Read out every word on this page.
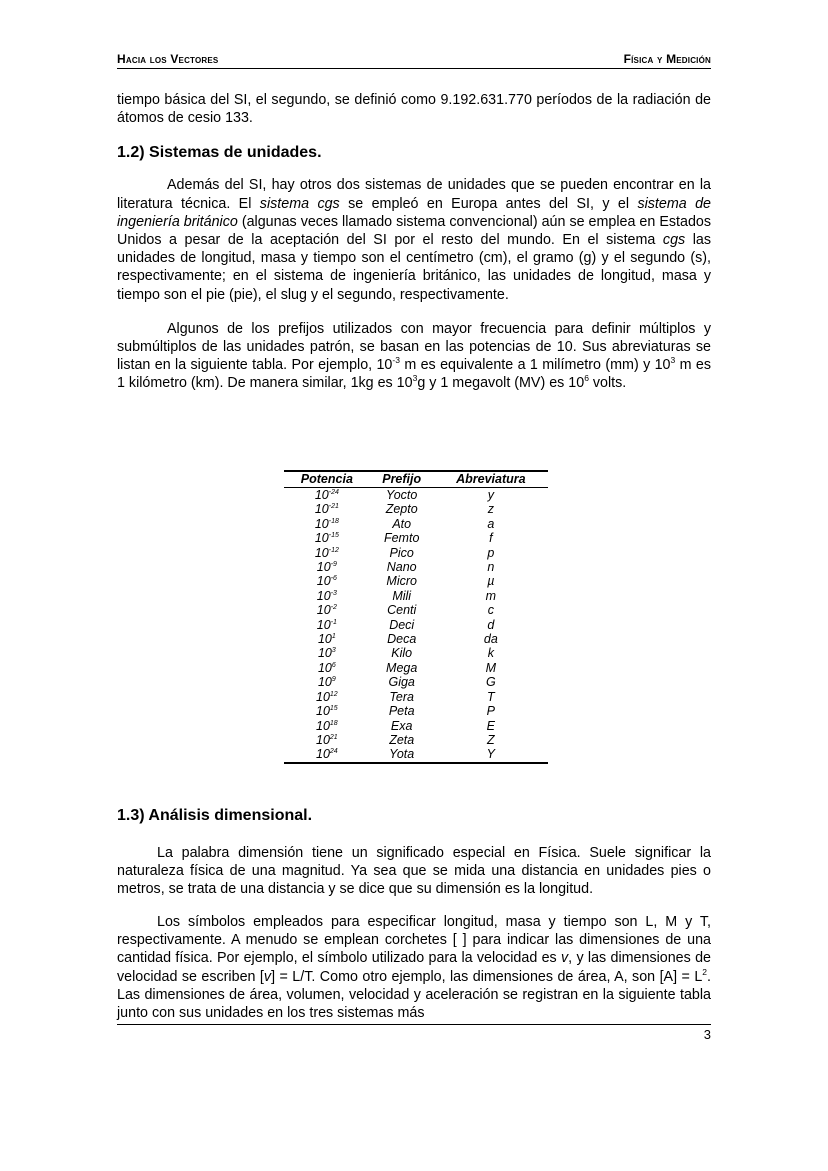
Hacia los Vectores	Física y Medición

tiempo básica del SI, el segundo, se definió como 9.192.631.770 períodos de la radiación de átomos de cesio 133.

1.2) Sistemas de unidades.

Además del SI, hay otros dos sistemas de unidades que se pueden encontrar en la literatura técnica. El sistema cgs se empleó en Europa antes del SI, y el sistema de ingeniería británico (algunas veces llamado sistema convencional) aún se emplea en Estados Unidos a pesar de la aceptación del SI por el resto del mundo. En el sistema cgs las unidades de longitud, masa y tiempo son el centímetro (cm), el gramo (g) y el segundo (s), respectivamente; en el sistema de ingeniería británico, las unidades de longitud, masa y tiempo son el pie (pie), el slug y el segundo, respectivamente.

Algunos de los prefijos utilizados con mayor frecuencia para definir múltiplos y submúltiplos de las unidades patrón, se basan en las potencias de 10. Sus abreviaturas se listan en la siguiente tabla. Por ejemplo, $10^{-3}$ m es equivalente a 1 milímetro (mm) y $10^3$ m es 1 kilómetro (km). De manera similar, 1kg es $10^3g$ y 1 megavolt (MV) es $10^6$ volts.

Potencia	Prefijo	Abreviatura
$10^{-24}$	Yocto	y
$10^{-21}$	Zepto	z
$10^{-18}$	Ato	a
$10^{-15}$	Femto	f
$10^{-12}$	Pico	p
$10^{-9}$	Nano	n
$10^{-6}$	Micro	µ
$10^{-3}$	Mili	m
$10^{-2}$	Centi	c
$10^{-1}$	Deci	d
$10^1$	Deca	da
$10^3$	Kilo	k
$10^6$	Mega	M
$10^9$	Giga	G
$10^{12}$	Tera	T
$10^{15}$	Peta	P
$10^{18}$	Exa	E
$10^{21}$	Zeta	Z
$10^{24}$	Yota	Y
1.3) Análisis dimensional.

La palabra dimensión tiene un significado especial en Física. Suele significar la naturaleza física de una magnitud. Ya sea que se mida una distancia en unidades pies o metros, se trata de una distancia y se dice que su dimensión es la longitud.

Los símbolos empleados para especificar longitud, masa y tiempo son L, M y T, respectivamente. A menudo se emplean corchetes [ ] para indicar las dimensiones de una cantidad física. Por ejemplo, el símbolo utilizado para la velocidad es v, y las dimensiones de velocidad se escriben [v] = L/T. Como otro ejemplo, las dimensiones de área, A, son $[A] = L^2$. Las dimensiones de área, volumen, velocidad y aceleración se registran en la siguiente tabla junto con sus unidades en los tres sistemas más

3
